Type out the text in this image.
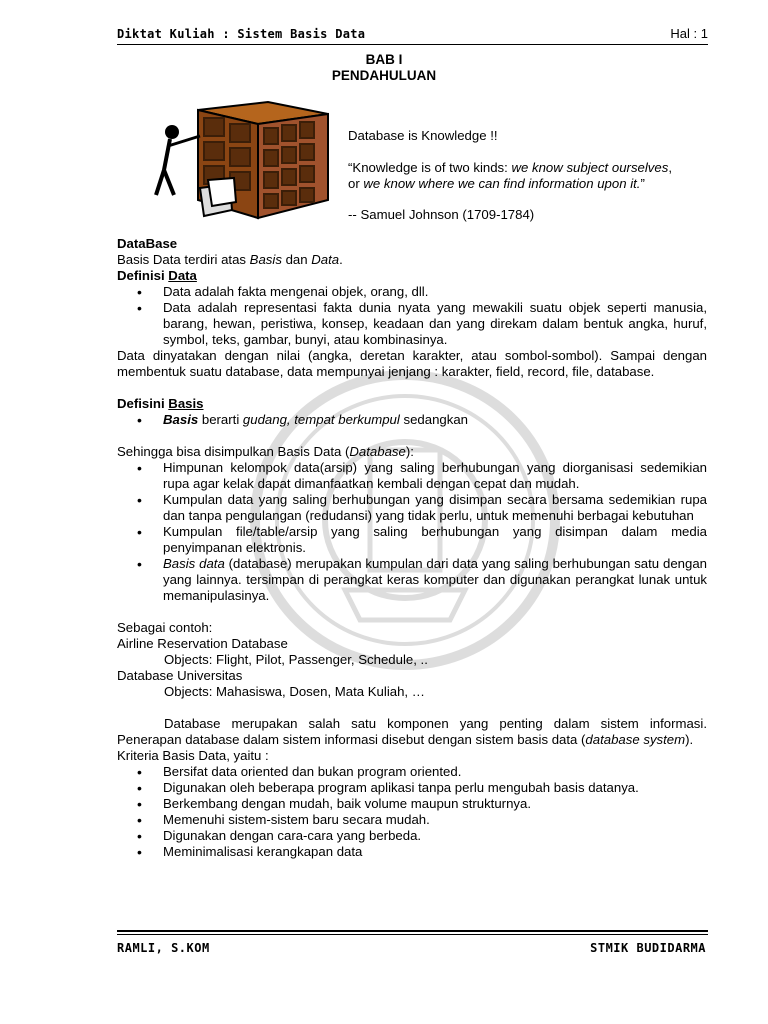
Diktat Kuliah : Sistem Basis Data	Hal : 1
BAB I
PENDAHULUAN
Database is Knowledge !!
“Knowledge is of two kinds: we know subject ourselves,
or we know where we can find information upon it.”
-- Samuel Johnson (1709-1784)

DataBase

Basis Data terdiri atas Basis dan Data.

Definisi Data

• Data adalah fakta mengenai objek, orang, dll.
• Data adalah representasi fakta dunia nyata yang mewakili suatu objek seperti manusia, barang, hewan, peristiwa, konsep, keadaan dan yang direkam dalam bentuk angka, huruf, symbol, teks, gambar, bunyi, atau kombinasinya.

Data dinyatakan dengan nilai (angka, deretan karakter, atau sombol-sombol). Sampai dengan membentuk suatu database, data mempunyai jenjang : karakter, field, record, file, database.

Defisini Basis

• Basis berarti gudang, tempat berkumpul sedangkan

Sehingga bisa disimpulkan Basis Data (Database):

• Himpunan kelompok data(arsip) yang saling berhubungan yang diorganisasi sedemikian rupa agar kelak dapat dimanfaatkan kembali dengan cepat dan mudah.
• Kumpulan data yang saling berhubungan yang disimpan secara bersama sedemikian rupa dan tanpa pengulangan (redudansi) yang tidak perlu, untuk memenuhi berbagai kebutuhan
• Kumpulan file/table/arsip yang saling berhubungan yang disimpan dalam media penyimpanan elektronis.
• Basis data (database) merupakan kumpulan dari data yang saling berhubungan satu dengan yang lainnya. tersimpan di perangkat keras komputer dan digunakan perangkat lunak untuk memanipulasinya.

Sebagai contoh:

Airline Reservation Database

Objects: Flight, Pilot, Passenger, Schedule, ..

Database Universitas

Objects: Mahasiswa, Dosen, Mata Kuliah, …

Database merupakan salah satu komponen yang penting dalam sistem informasi. Penerapan database dalam sistem informasi disebut dengan sistem basis data (database system).

Kriteria Basis Data, yaitu :

• Bersifat data oriented dan bukan program oriented.
• Digunakan oleh beberapa program aplikasi tanpa perlu mengubah basis datanya.
• Berkembang dengan mudah, baik volume maupun strukturnya.
• Memenuhi sistem-sistem baru secara mudah.
• Digunakan dengan cara-cara yang berbeda.
• Meminimalisasi kerangkapan data
RAMLI, S.KOM	STMIK BUDIDARMA
